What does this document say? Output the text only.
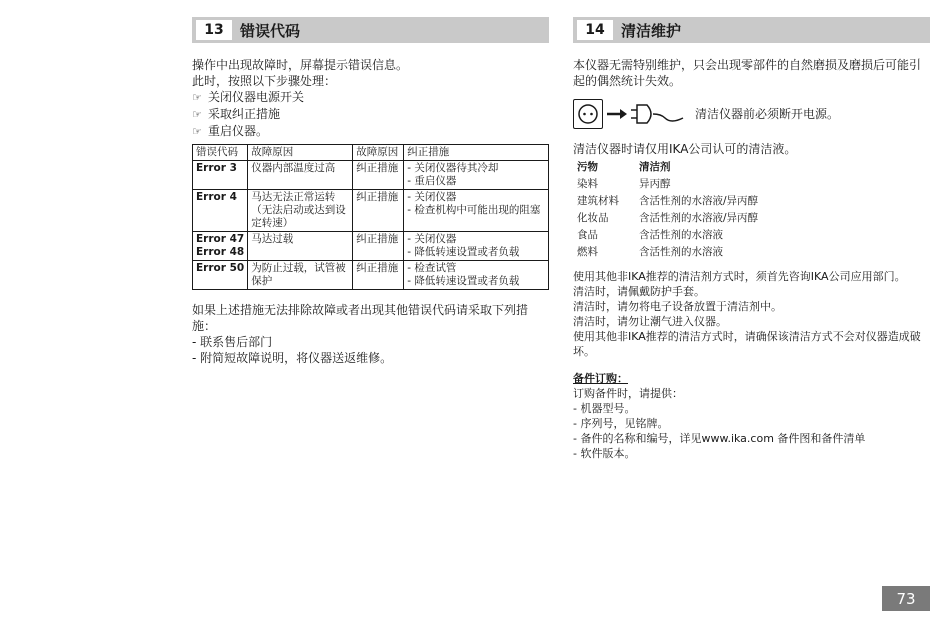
13	错误代码

操作中出现故障时，屏幕提示错误信息。

此时，按照以下步骤处理：

☞ 关闭仪器电源开关

☞ 采取纠正措施

☞ 重启仪器。

错误代码	故障原因	故障原因	纠正措施
Error 3	仪器内部温度过高	纠正措施	- 关闭仪器待其冷却
- 重启仪器

Error 4	马达无法正常运转（无法启动或达到设定转速）	纠正措施	- 关闭仪器
- 检查机构中可能出现的阻塞

Error 47 Error 48	马达过载	纠正措施	- 关闭仪器
- 降低转速设置或者负载

Error 50	为防止过载，试管被保护	纠正措施	- 检查试管
- 降低转速设置或者负载

如果上述措施无法排除故障或者出现其他错误代码请采取下列措施：

- 联系售后部门

- 附简短故障说明，将仪器送返维修。

14	清洁维护

本仪器无需特别维护，只会出现零部件的自然磨损及磨损后可能引起的偶然统计失效。

清洁仪器前必须断开电源。

清洁仪器时请仅用IKA公司认可的清洁液。

污物	清洁剂
染料	异丙醇
建筑材料	含活性剂的水溶液/异丙醇
化妆品	含活性剂的水溶液/异丙醇
食品	含活性剂的水溶液
燃料	含活性剂的水溶液

使用其他非IKA推荐的清洁剂方式时，须首先咨询IKA公司应用部门。

清洁时，请佩戴防护手套。

清洁时，请勿将电子设备放置于清洁剂中。

清洁时，请勿让潮气进入仪器。

使用其他非IKA推荐的清洁方式时，请确保该清洁方式不会对仪器造成破坏。

备件订购：

订购备件时，请提供：

- 机器型号。

- 序列号，见铭牌。

- 备件的名称和编号，详见www.ika.com 备件图和备件清单

- 软件版本。

73
